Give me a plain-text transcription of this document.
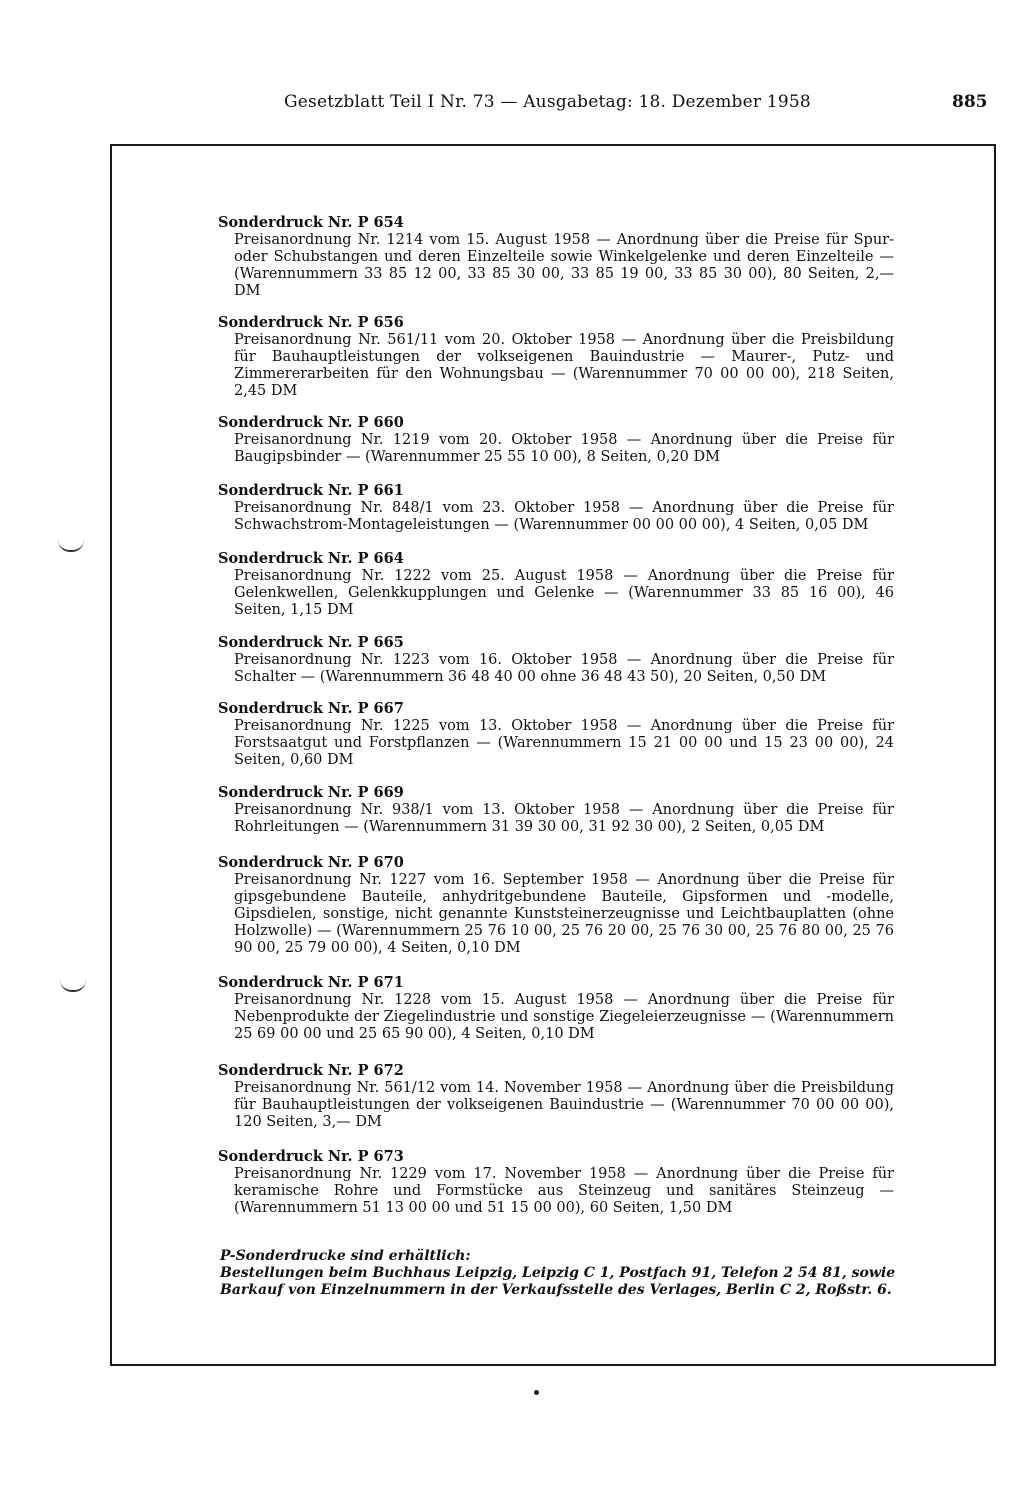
Gesetzblatt Teil I Nr. 73 — Ausgabetag: 18. Dezember 1958	885

Sonderdruck Nr. P 654

Preisanordnung Nr. 1214 vom 15. August 1958 — Anordnung über die Preise für Spur- oder Schubstangen und deren Einzelteile sowie Winkelgelenke und deren Einzelteile — (Warennummern 33 85 12 00, 33 85 30 00, 33 85 19 00, 33 85 30 00), 80 Seiten, 2,— DM

Sonderdruck Nr. P 656

Preisanordnung Nr. 561/11 vom 20. Oktober 1958 — Anordnung über die Preisbildung für Bauhauptleistungen der volkseigenen Bauindustrie — Maurer-, Putz- und Zimmererarbeiten für den Wohnungsbau — (Warennummer 70 00 00 00), 218 Seiten, 2,45 DM

Sonderdruck Nr. P 660

Preisanordnung Nr. 1219 vom 20. Oktober 1958 — Anordnung über die Preise für Baugipsbinder — (Warennummer 25 55 10 00), 8 Seiten, 0,20 DM

Sonderdruck Nr. P 661

Preisanordnung Nr. 848/1 vom 23. Oktober 1958 — Anordnung über die Preise für Schwachstrom-Montageleistungen — (Warennummer 00 00 00 00), 4 Seiten, 0,05 DM

Sonderdruck Nr. P 664

Preisanordnung Nr. 1222 vom 25. August 1958 — Anordnung über die Preise für Gelenkwellen, Gelenkkupplungen und Gelenke — (Warennummer 33 85 16 00), 46 Seiten, 1,15 DM

Sonderdruck Nr. P 665

Preisanordnung Nr. 1223 vom 16. Oktober 1958 — Anordnung über die Preise für Schalter — (Warennummern 36 48 40 00 ohne 36 48 43 50), 20 Seiten, 0,50 DM

Sonderdruck Nr. P 667

Preisanordnung Nr. 1225 vom 13. Oktober 1958 — Anordnung über die Preise für Forstsaatgut und Forstpflanzen — (Warennummern 15 21 00 00 und 15 23 00 00), 24 Seiten, 0,60 DM

Sonderdruck Nr. P 669

Preisanordnung Nr. 938/1 vom 13. Oktober 1958 — Anordnung über die Preise für Rohrleitungen — (Warennummern 31 39 30 00, 31 92 30 00), 2 Seiten, 0,05 DM

Sonderdruck Nr. P 670

Preisanordnung Nr. 1227 vom 16. September 1958 — Anordnung über die Preise für gipsgebundene Bauteile, anhydritgebundene Bauteile, Gipsformen und -modelle, Gipsdielen, sonstige, nicht genannte Kunststeinerzeugnisse und Leichtbauplatten (ohne Holzwolle) — (Warennummern 25 76 10 00, 25 76 20 00, 25 76 30 00, 25 76 80 00, 25 76 90 00, 25 79 00 00), 4 Seiten, 0,10 DM

Sonderdruck Nr. P 671

Preisanordnung Nr. 1228 vom 15. August 1958 — Anordnung über die Preise für Nebenprodukte der Ziegelindustrie und sonstige Ziegeleierzeugnisse — (Warennummern 25 69 00 00 und 25 65 90 00), 4 Seiten, 0,10 DM

Sonderdruck Nr. P 672

Preisanordnung Nr. 561/12 vom 14. November 1958 — Anordnung über die Preisbildung für Bauhauptleistungen der volkseigenen Bauindustrie — (Warennummer 70 00 00 00), 120 Seiten, 3,— DM

Sonderdruck Nr. P 673

Preisanordnung Nr. 1229 vom 17. November 1958 — Anordnung über die Preise für keramische Rohre und Formstücke aus Steinzeug und sanitäres Steinzeug — (Warennummern 51 13 00 00 und 51 15 00 00), 60 Seiten, 1,50 DM

P-Sonderdrucke sind erhältlich:

Bestellungen beim Buchhaus Leipzig, Leipzig C 1, Postfach 91, Telefon 2 54 81, sowie Barkauf von Einzelnummern in der Verkaufsstelle des Verlages, Berlin C 2, Roßstr. 6.
